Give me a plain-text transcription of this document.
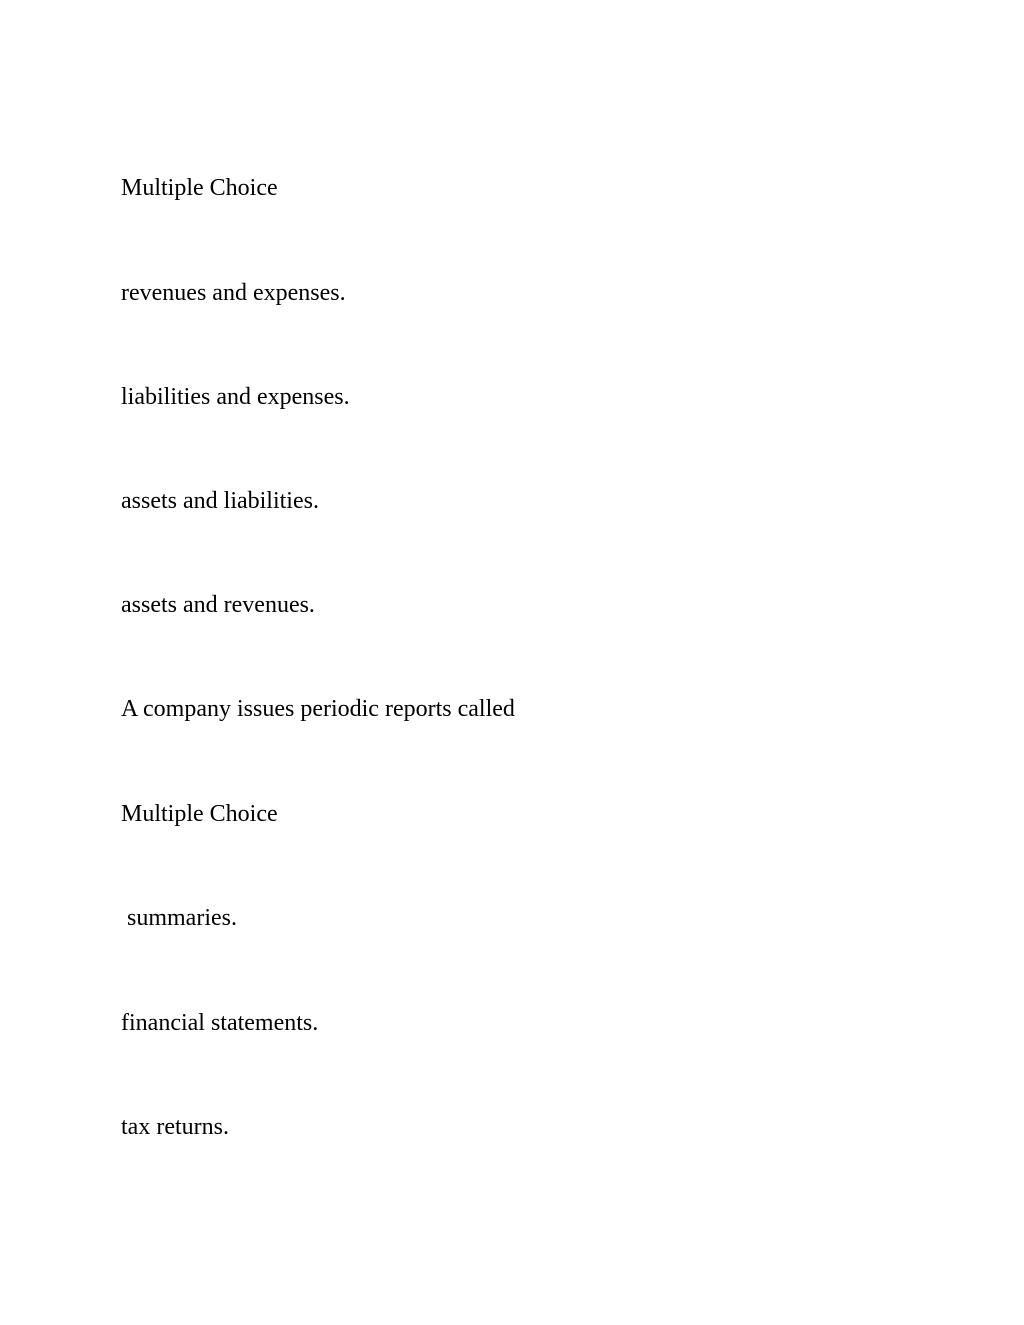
Multiple Choice

revenues and expenses.

liabilities and expenses.

assets and liabilities.

assets and revenues.

A company issues periodic reports called

Multiple Choice

summaries.

financial statements.

tax returns.
